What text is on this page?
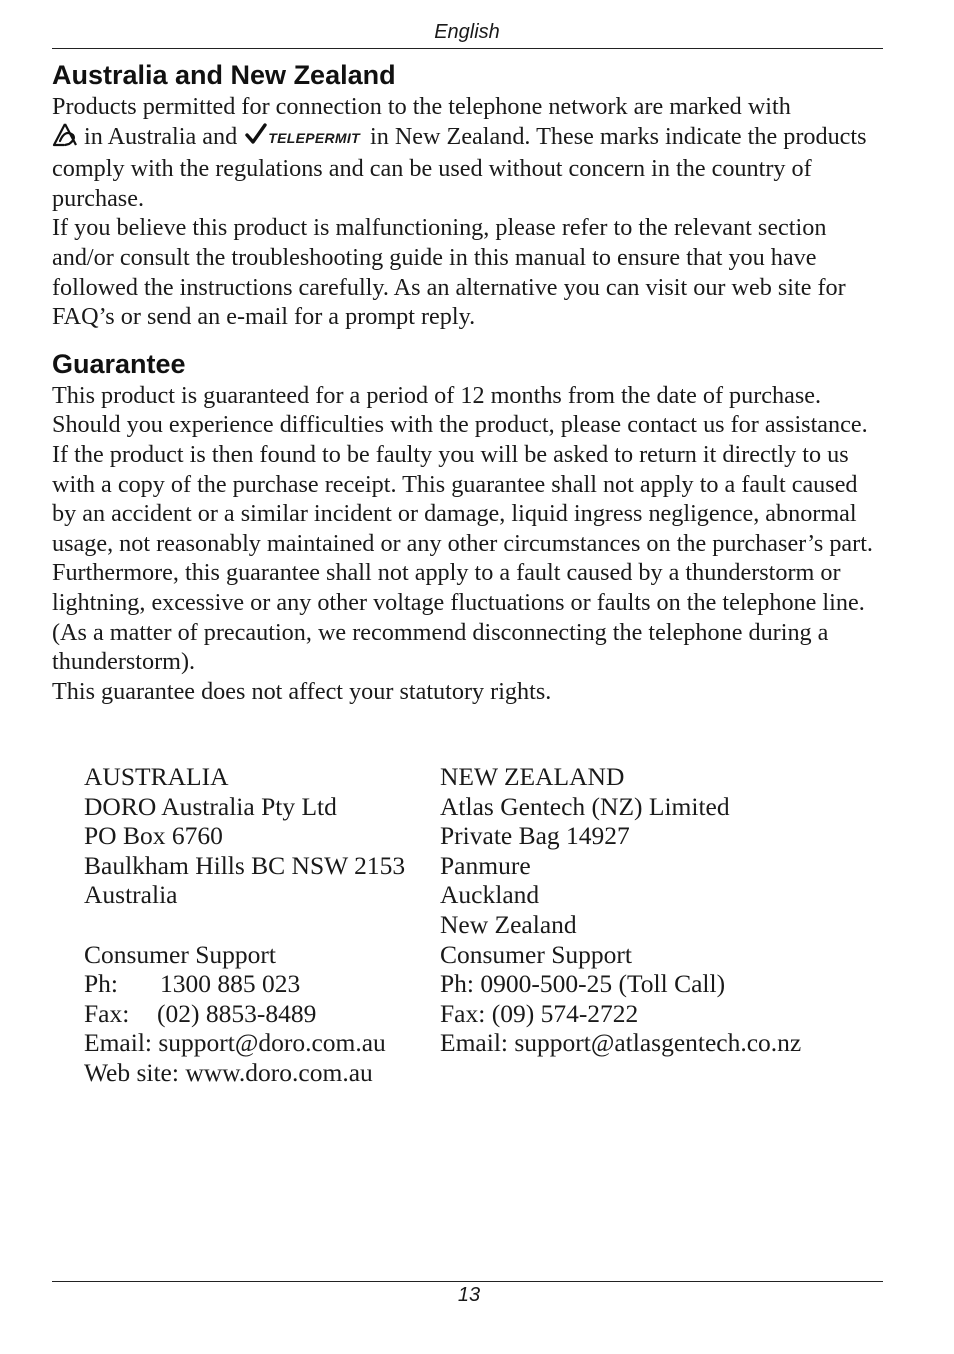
English
Australia and New Zealand

Products permitted for connection to the telephone network are marked with
in Australia and TELEPERMIT in New Zealand. These marks indicate the products comply with the regulations and can be used without concern in the country of purchase.

If you believe this product is malfunctioning, please refer to the relevant section and/or consult the troubleshooting guide in this manual to ensure that you have followed the instructions carefully. As an alternative you can visit our web site for FAQ’s or send an e-mail for a prompt reply.

Guarantee

This product is guaranteed for a period of 12 months from the date of purchase.

Should you experience difficulties with the product, please contact us for assistance. If the product is then found to be faulty you will be asked to return it directly to us with a copy of the purchase receipt. This guarantee shall not apply to a fault caused by an accident or a similar incident or damage, liquid ingress negligence, abnormal usage, not reasonably maintained or any other circumstances on the purchaser’s part. Furthermore, this guarantee shall not apply to a fault caused by a thunderstorm or lightning, excessive or any other voltage fluctuations or faults on the telephone line. (As a matter of precaution, we recommend disconnecting the telephone during a thunderstorm).

This guarantee does not affect your statutory rights.

AUSTRALIA
DORO Australia Pty Ltd
PO Box 6760
Baulkham Hills BC NSW 2153
Australia
Consumer Support
Ph: 1300 885 023
Fax: (02) 8853-8489
Email: support@doro.com.au
Web site: www.doro.com.au
NEW ZEALAND
Atlas Gentech (NZ) Limited
Private Bag 14927
Panmure
Auckland
New Zealand
Consumer Support
Ph: 0900-500-25 (Toll Call)
Fax: (09) 574-2722
Email: support@atlasgentech.co.nz
13
